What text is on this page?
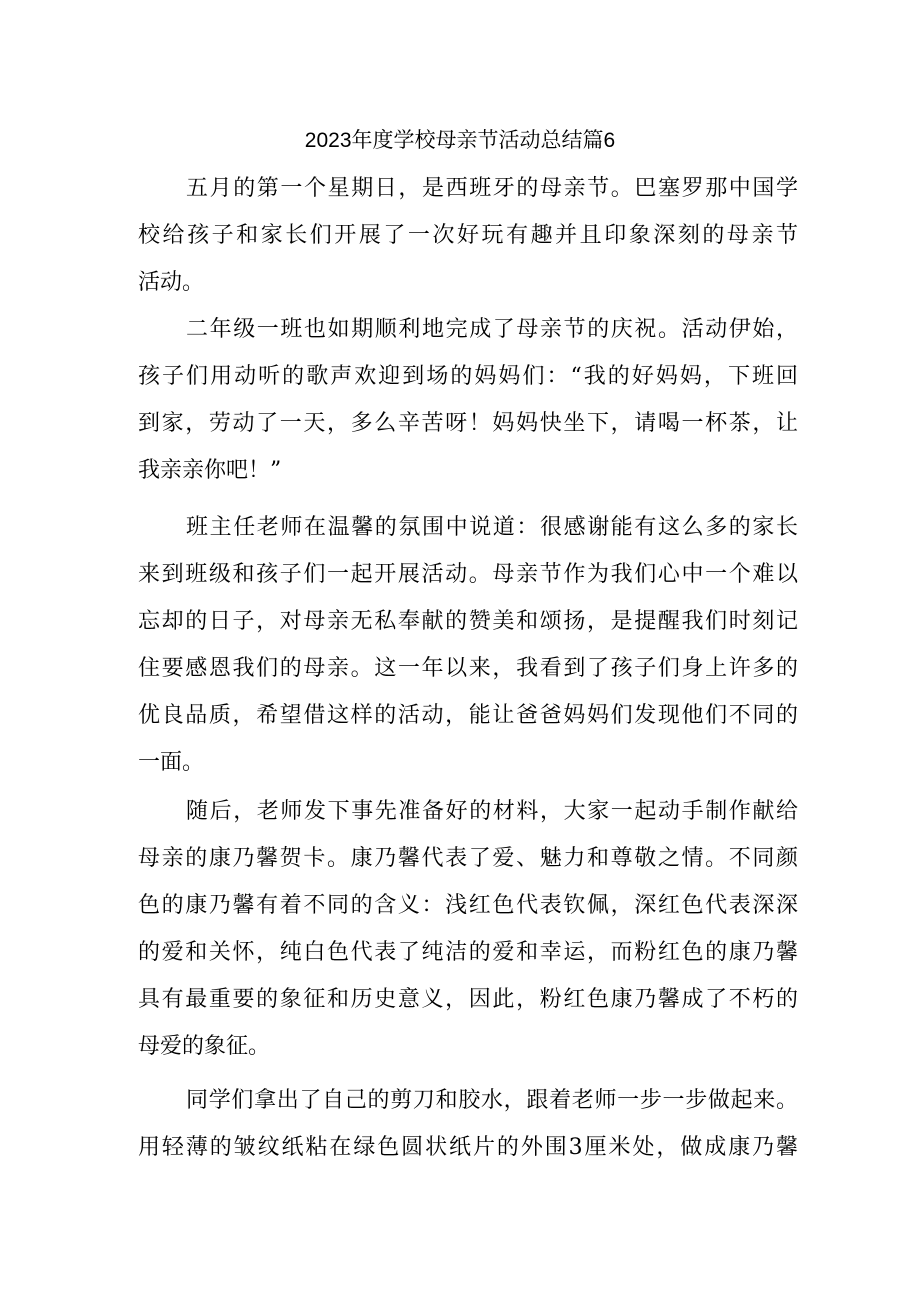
2023年度学校母亲节活动总结篇6
五月的第一个星期日，是西班牙的母亲节。巴塞罗那中国学
校给孩子和家长们开展了一次好玩有趣并且印象深刻的母亲节
活动。
二年级一班也如期顺利地完成了母亲节的庆祝。活动伊始，
孩子们用动听的歌声欢迎到场的妈妈们：“我的好妈妈，下班回
到家，劳动了一天，多么辛苦呀！妈妈快坐下，请喝一杯茶，让
我亲亲你吧！”
班主任老师在温馨的氛围中说道：很感谢能有这么多的家长
来到班级和孩子们一起开展活动。母亲节作为我们心中一个难以
忘却的日子，对母亲无私奉献的赞美和颂扬，是提醒我们时刻记
住要感恩我们的母亲。这一年以来，我看到了孩子们身上许多的
优良品质，希望借这样的活动，能让爸爸妈妈们发现他们不同的
一面。
随后，老师发下事先准备好的材料，大家一起动手制作献给
母亲的康乃馨贺卡。康乃馨代表了爱、魅力和尊敬之情。不同颜
色的康乃馨有着不同的含义：浅红色代表钦佩，深红色代表深深
的爱和关怀，纯白色代表了纯洁的爱和幸运，而粉红色的康乃馨
具有最重要的象征和历史意义，因此，粉红色康乃馨成了不朽的
母爱的象征。
同学们拿出了自己的剪刀和胶水，跟着老师一步一步做起来。
用轻薄的皱纹纸粘在绿色圆状纸片的外围3厘米处，做成康乃馨
